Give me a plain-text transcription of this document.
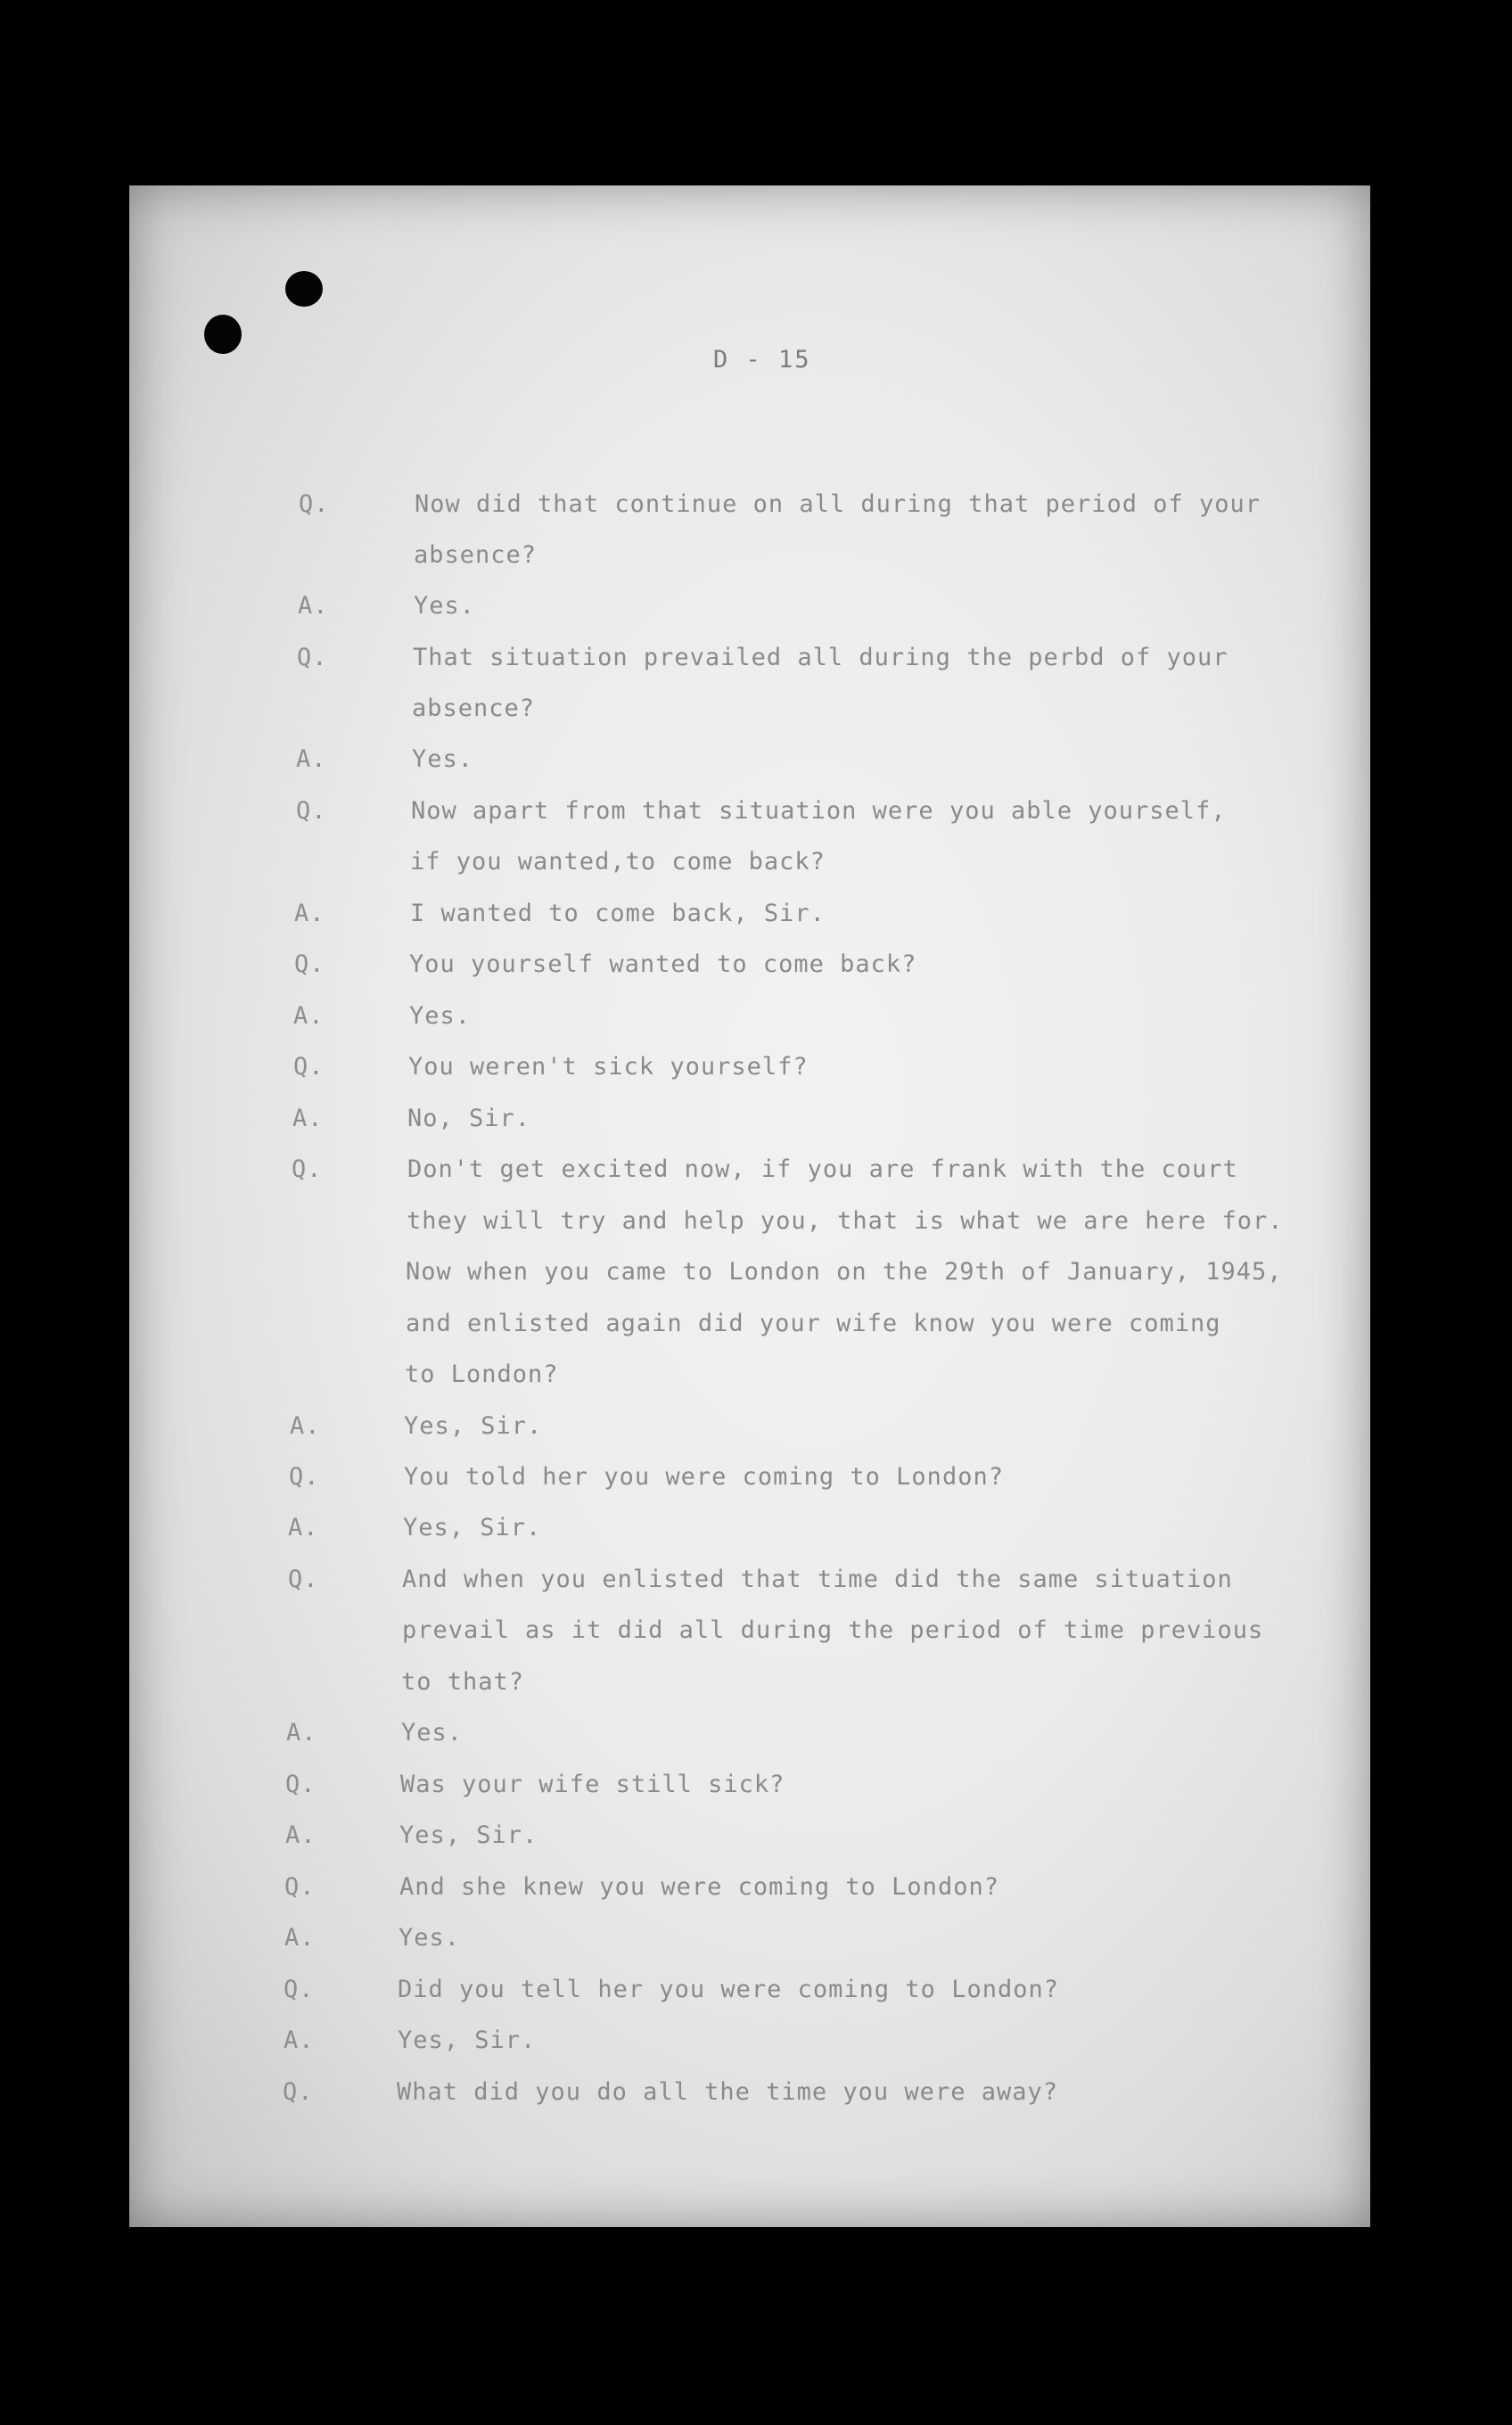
D - 15
Q.	Now did that continue on all during that period of your
absence?
A.	Yes.
Q.	That situation prevailed all during the perbd of your
absence?
A.	Yes.
Q.	Now apart from that situation were you able yourself,
if you wanted,to come back?
A.	I wanted to come back, Sir.
Q.	You yourself wanted to come back?
A.	Yes.
Q.	You weren't sick yourself?
A.	No, Sir.
Q.	Don't get excited now, if you are frank with the court
they will try and help you, that is what we are here for.
Now when you came to London on the 29th of January, 1945,
and enlisted again did your wife know you were coming
to London?
A.	Yes, Sir.
Q.	You told her you were coming to London?
A.	Yes, Sir.
Q.	And when you enlisted that time did the same situation
prevail as it did all during the period of time previous
to that?
A.	Yes.
Q.	Was your wife still sick?
A.	Yes, Sir.
Q.	And she knew you were coming to London?
A.	Yes.
Q.	Did you tell her you were coming to London?
A.	Yes, Sir.
Q.	What did you do all the time you were away?
